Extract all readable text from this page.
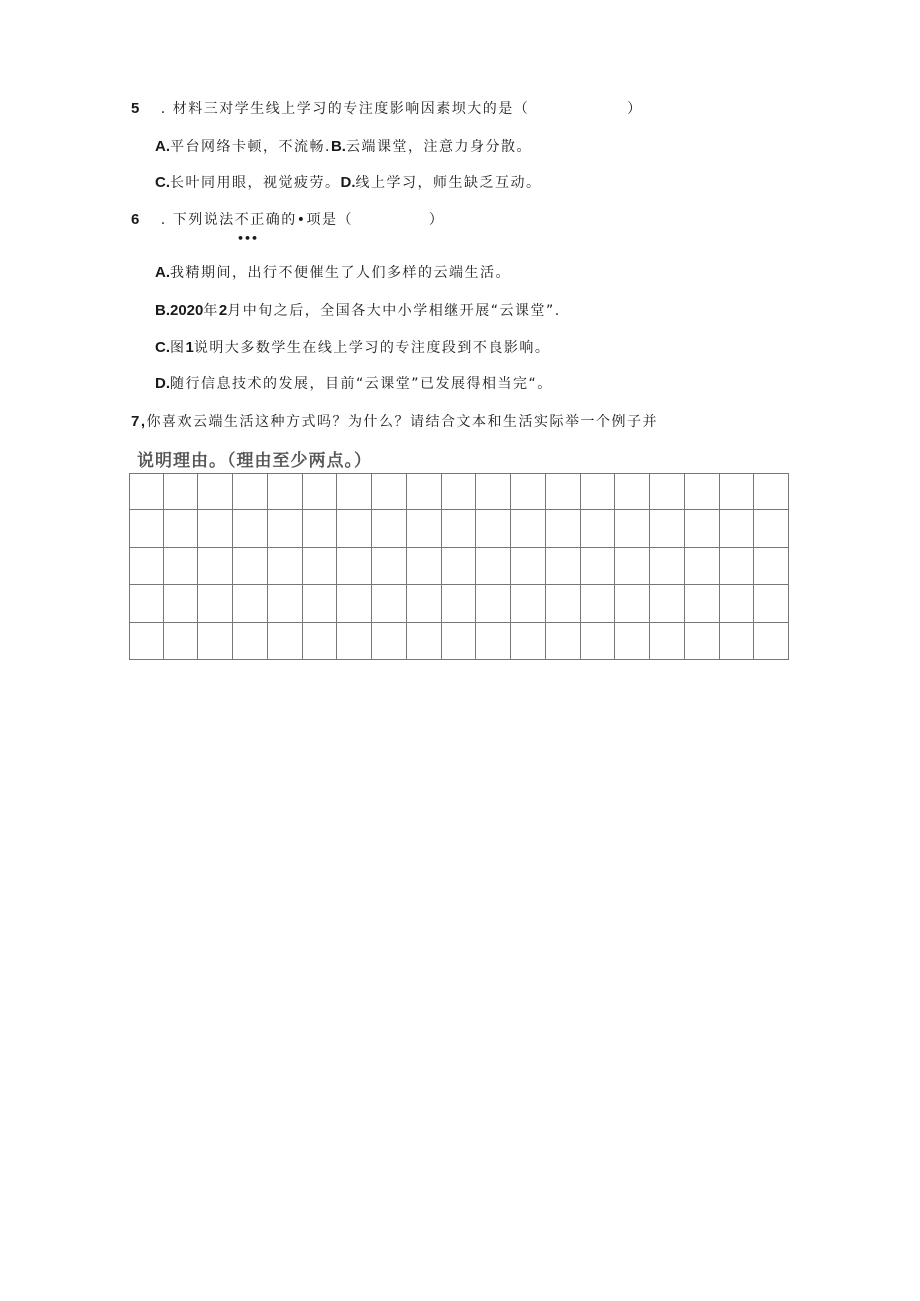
5 . 材料三对学生线上学习的专注度影响因素坝大的是（	）
A.平台网络卡顿，不流畅.B.云端课堂，注意力身分散。
C.长叶同用眼，视觉疲劳。D.线上学习，师生缺乏互动。
6 . 下列说法不正确的•项是（	）
•••
A.我精期间，出行不便催生了人们多样的云端生活。
B.2020年2月中旬之后，全国各大中小学相继开展“云课堂”.
C.图1说明大多数学生在线上学习的专注度段到不良影响。
D.随行信息技术的发展，目前“云课堂”已发展得相当完“。
7,你喜欢云端生活这种方式吗？为什么？请结合文本和生活实际举一个例子并
说明理由。（理由至少两点。）
